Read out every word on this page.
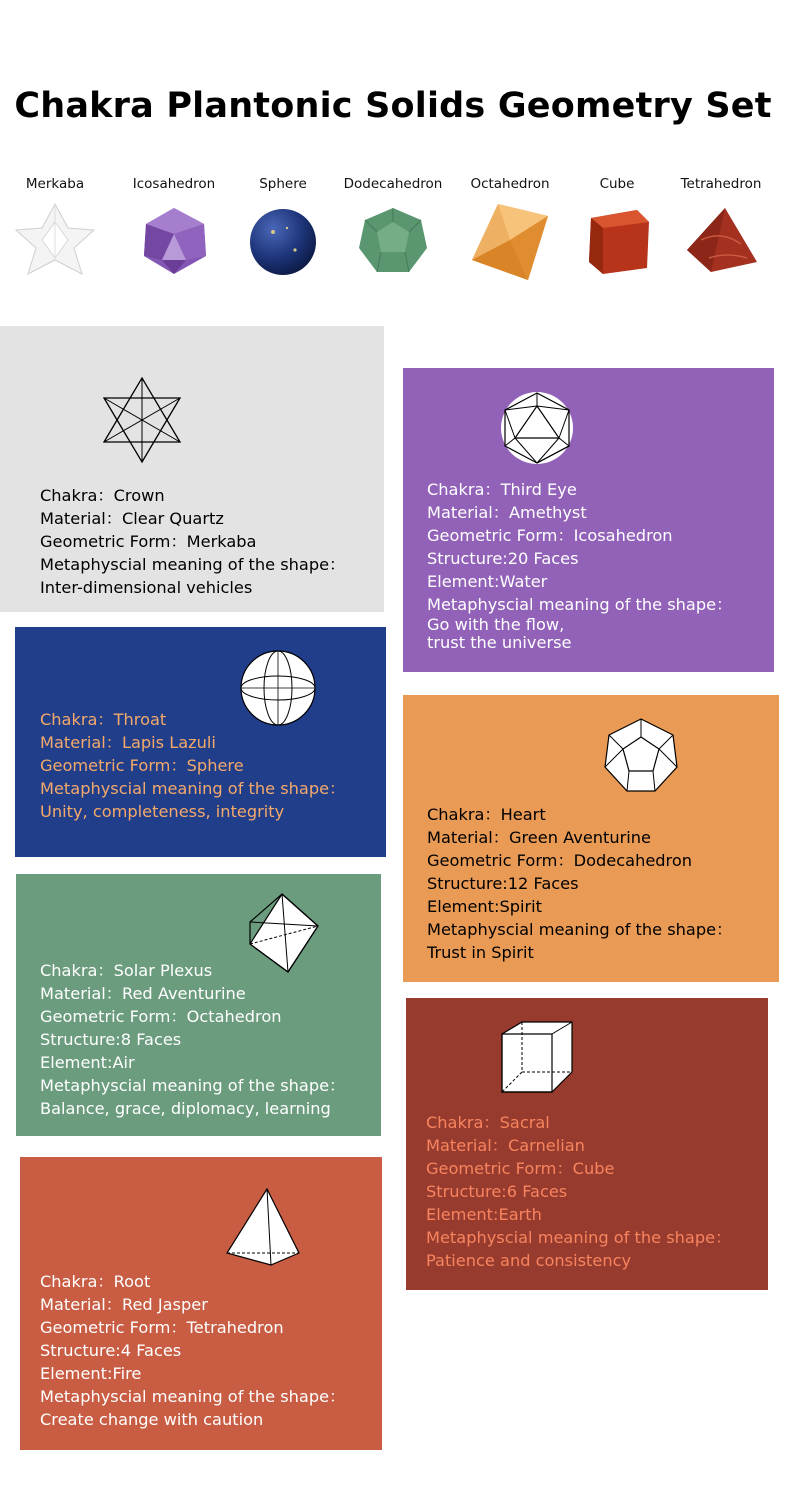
Chakra Plantonic Solids Geometry Set
Merkaba	Icosahedron	Sphere	Dodecahedron	Octahedron	Cube	Tetrahedron
Chakra：Crown
Material：Clear Quartz
Geometric Form：Merkaba
Metaphyscial meaning of the shape：
Inter-dimensional vehicles
Chakra：Third Eye
Material：Amethyst
Geometric Form：Icosahedron
Structure:20 Faces
Element:Water
Metaphyscial meaning of the shape：
Go with the flow,
trust the universe
Chakra：Throat
Material：Lapis Lazuli
Geometric Form：Sphere
Metaphyscial meaning of the shape：
Unity, completeness, integrity	Chakra：Heart
Material：Green Aventurine
Geometric Form：Dodecahedron
Structure:12 Faces
Element:Spirit
Metaphyscial meaning of the shape：
Trust in Spirit
Chakra：Solar Plexus
Material：Red Aventurine
Geometric Form：Octahedron
Structure:8 Faces
Element:Air
Metaphyscial meaning of the shape：
Balance, grace, diplomacy, learning
Chakra：Sacral
Material：Carnelian
Geometric Form：Cube
Structure:6 Faces
Element:Earth
Metaphyscial meaning of the shape：
Patience and consistency
Chakra：Root
Material：Red Jasper
Geometric Form：Tetrahedron
Structure:4 Faces
Element:Fire
Metaphyscial meaning of the shape：
Create change with caution
